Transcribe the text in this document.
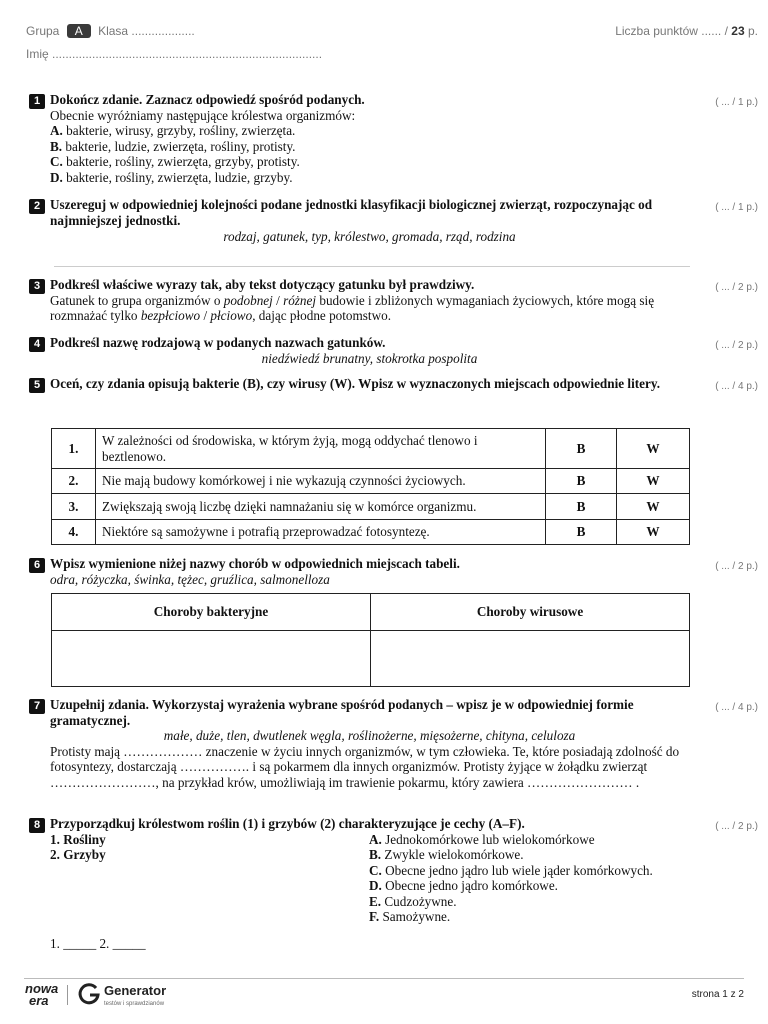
Grupa A Klasa ...................
Imię .................................................................................
Liczba punktów ...... / 23 p.
1 Dokończ zdanie. Zaznacz odpowiedź spośród podanych.
Obecnie wyróżniamy następujące królestwa organizmów:
A. bakterie, wirusy, grzyby, rośliny, zwierzęta.
B. bakterie, ludzie, zwierzęta, rośliny, protisty.
C. bakterie, rośliny, zwierzęta, grzyby, protisty.
D. bakterie, rośliny, zwierzęta, ludzie, grzyby.
( ... / 1 p.)
2 Uszereguj w odpowiedniej kolejności podane jednostki klasyfikacji biologicznej zwierząt, rozpoczynając od najmniejszej jednostki.
rodzaj, gatunek, typ, królestwo, gromada, rząd, rodzina
( ... / 1 p.)
3 Podkreśl właściwe wyrazy tak, aby tekst dotyczący gatunku był prawdziwy.
Gatunek to grupa organizmów o podobnej / różnej budowie i zbliżonych wymaganiach życiowych, które mogą się rozmnażać tylko bezpłciowo / płciowo, dając płodne potomstwo.
( ... / 2 p.)
4 Podkreśl nazwę rodzajową w podanych nazwach gatunków.
niedźwiedź brunatny, stokrotka pospolita
( ... / 2 p.)
5 Oceń, czy zdania opisują bakterie (B), czy wirusy (W). Wpisz w wyznaczonych miejscach odpowiednie litery.	( ... / 4 p.)
1.	W zależności od środowiska, w którym żyją, mogą oddychać tlenowo i beztlenowo.	B	W
2.	Nie mają budowy komórkowej i nie wykazują czynności życiowych.	B	W
3.	Zwiększają swoją liczbę dzięki namnażaniu się w komórce organizmu.	B	W
4.	Niektóre są samożywne i potrafią przeprowadzać fotosyntezę.	B	W
6 Wpisz wymienione niżej nazwy chorób w odpowiednich miejscach tabeli.
odra, różyczka, świnka, tężec, gruźlica, salmonelloza
( ... / 2 p.)
Choroby bakteryjne	Choroby wirusowe

7 Uzupełnij zdania. Wykorzystaj wyrażenia wybrane spośród podanych – wpisz je w odpowiedniej formie gramatycznej.
małe, duże, tlen, dwutlenek węgla, roślinożerne, mięsożerne, chityna, celuloza
Protisty mają ……………… znaczenie w życiu innych organizmów, w tym człowieka. Te, które posiadają zdolność do fotosyntezy, dostarczają ……………. i są pokarmem dla innych organizmów. Protisty żyjące w żołądku zwierząt ……………………, na przykład krów, umożliwiają im trawienie pokarmu, który zawiera …………………… .
( ... / 4 p.)
8 Przyporządkuj królestwom roślin (1) i grzybów (2) charakteryzujące je cechy (A–F).
1. Rośliny
2. Grzyby
A. Jednokomórkowe lub wielokomórkowe
B. Zwykle wielokomórkowe.
C. Obecne jedno jądro lub wiele jąder komórkowych.
D. Obecne jedno jądro komórkowe.
E. Cudzożywne.
F. Samożywne.
1. _____ 2. _____
( ... / 2 p.)
nowa
era
Generator
testów i sprawdzianów
strona 1 z 2
